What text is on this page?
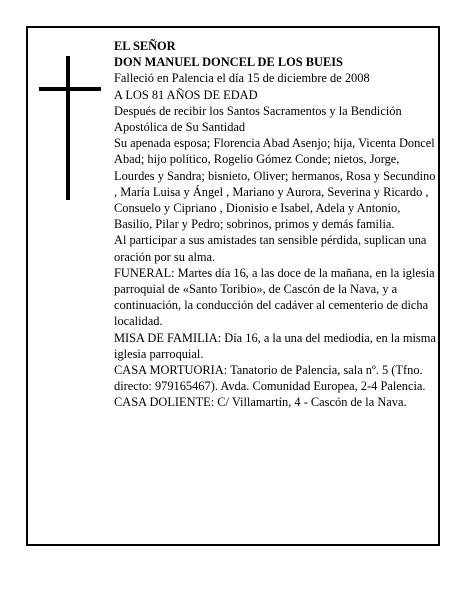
EL SEÑOR

DON MANUEL DONCEL DE LOS BUEIS

Falleció en Palencia el día 15 de diciembre de 2008

A LOS 81 AÑOS DE EDAD

Después de recibir los Santos Sacramentos y la Bendición Apostólica de Su Santidad

Su apenada esposa; Florencia Abad Asenjo; hija, Vicenta Doncel Abad; hijo político, Rogelio Gómez Conde; nietos, Jorge, Lourdes y Sandra; bisnieto, Oliver; hermanos, Rosa y Secundino , María Luisa y Ángel , Mariano y Aurora, Severina y Ricardo , Consuelo y Cipriano , Dionisio e Isabel, Adela y Antonio, Basilio, Pilar y Pedro; sobrinos, primos y demás familia.

Al participar a sus amistades tan sensible pérdida, suplican una oración por su alma.

FUNERAL: Martes día 16, a las doce de la mañana, en la iglesia parroquial de «Santo Toribio», de Cascón de la Nava, y a continuación, la conducción del cadáver al cementerio de dicha localidad.

MISA DE FAMILIA: Día 16, a la una del mediodia, en la misma iglesia parroquial.

CASA MORTUORIA: Tanatorio de Palencia, sala nº. 5 (Tfno. directo: 979165467). Avda. Comunidad Europea, 2-4 Palencia.

CASA DOLIENTE: C/ Villamartín, 4 - Cascón de la Nava.
